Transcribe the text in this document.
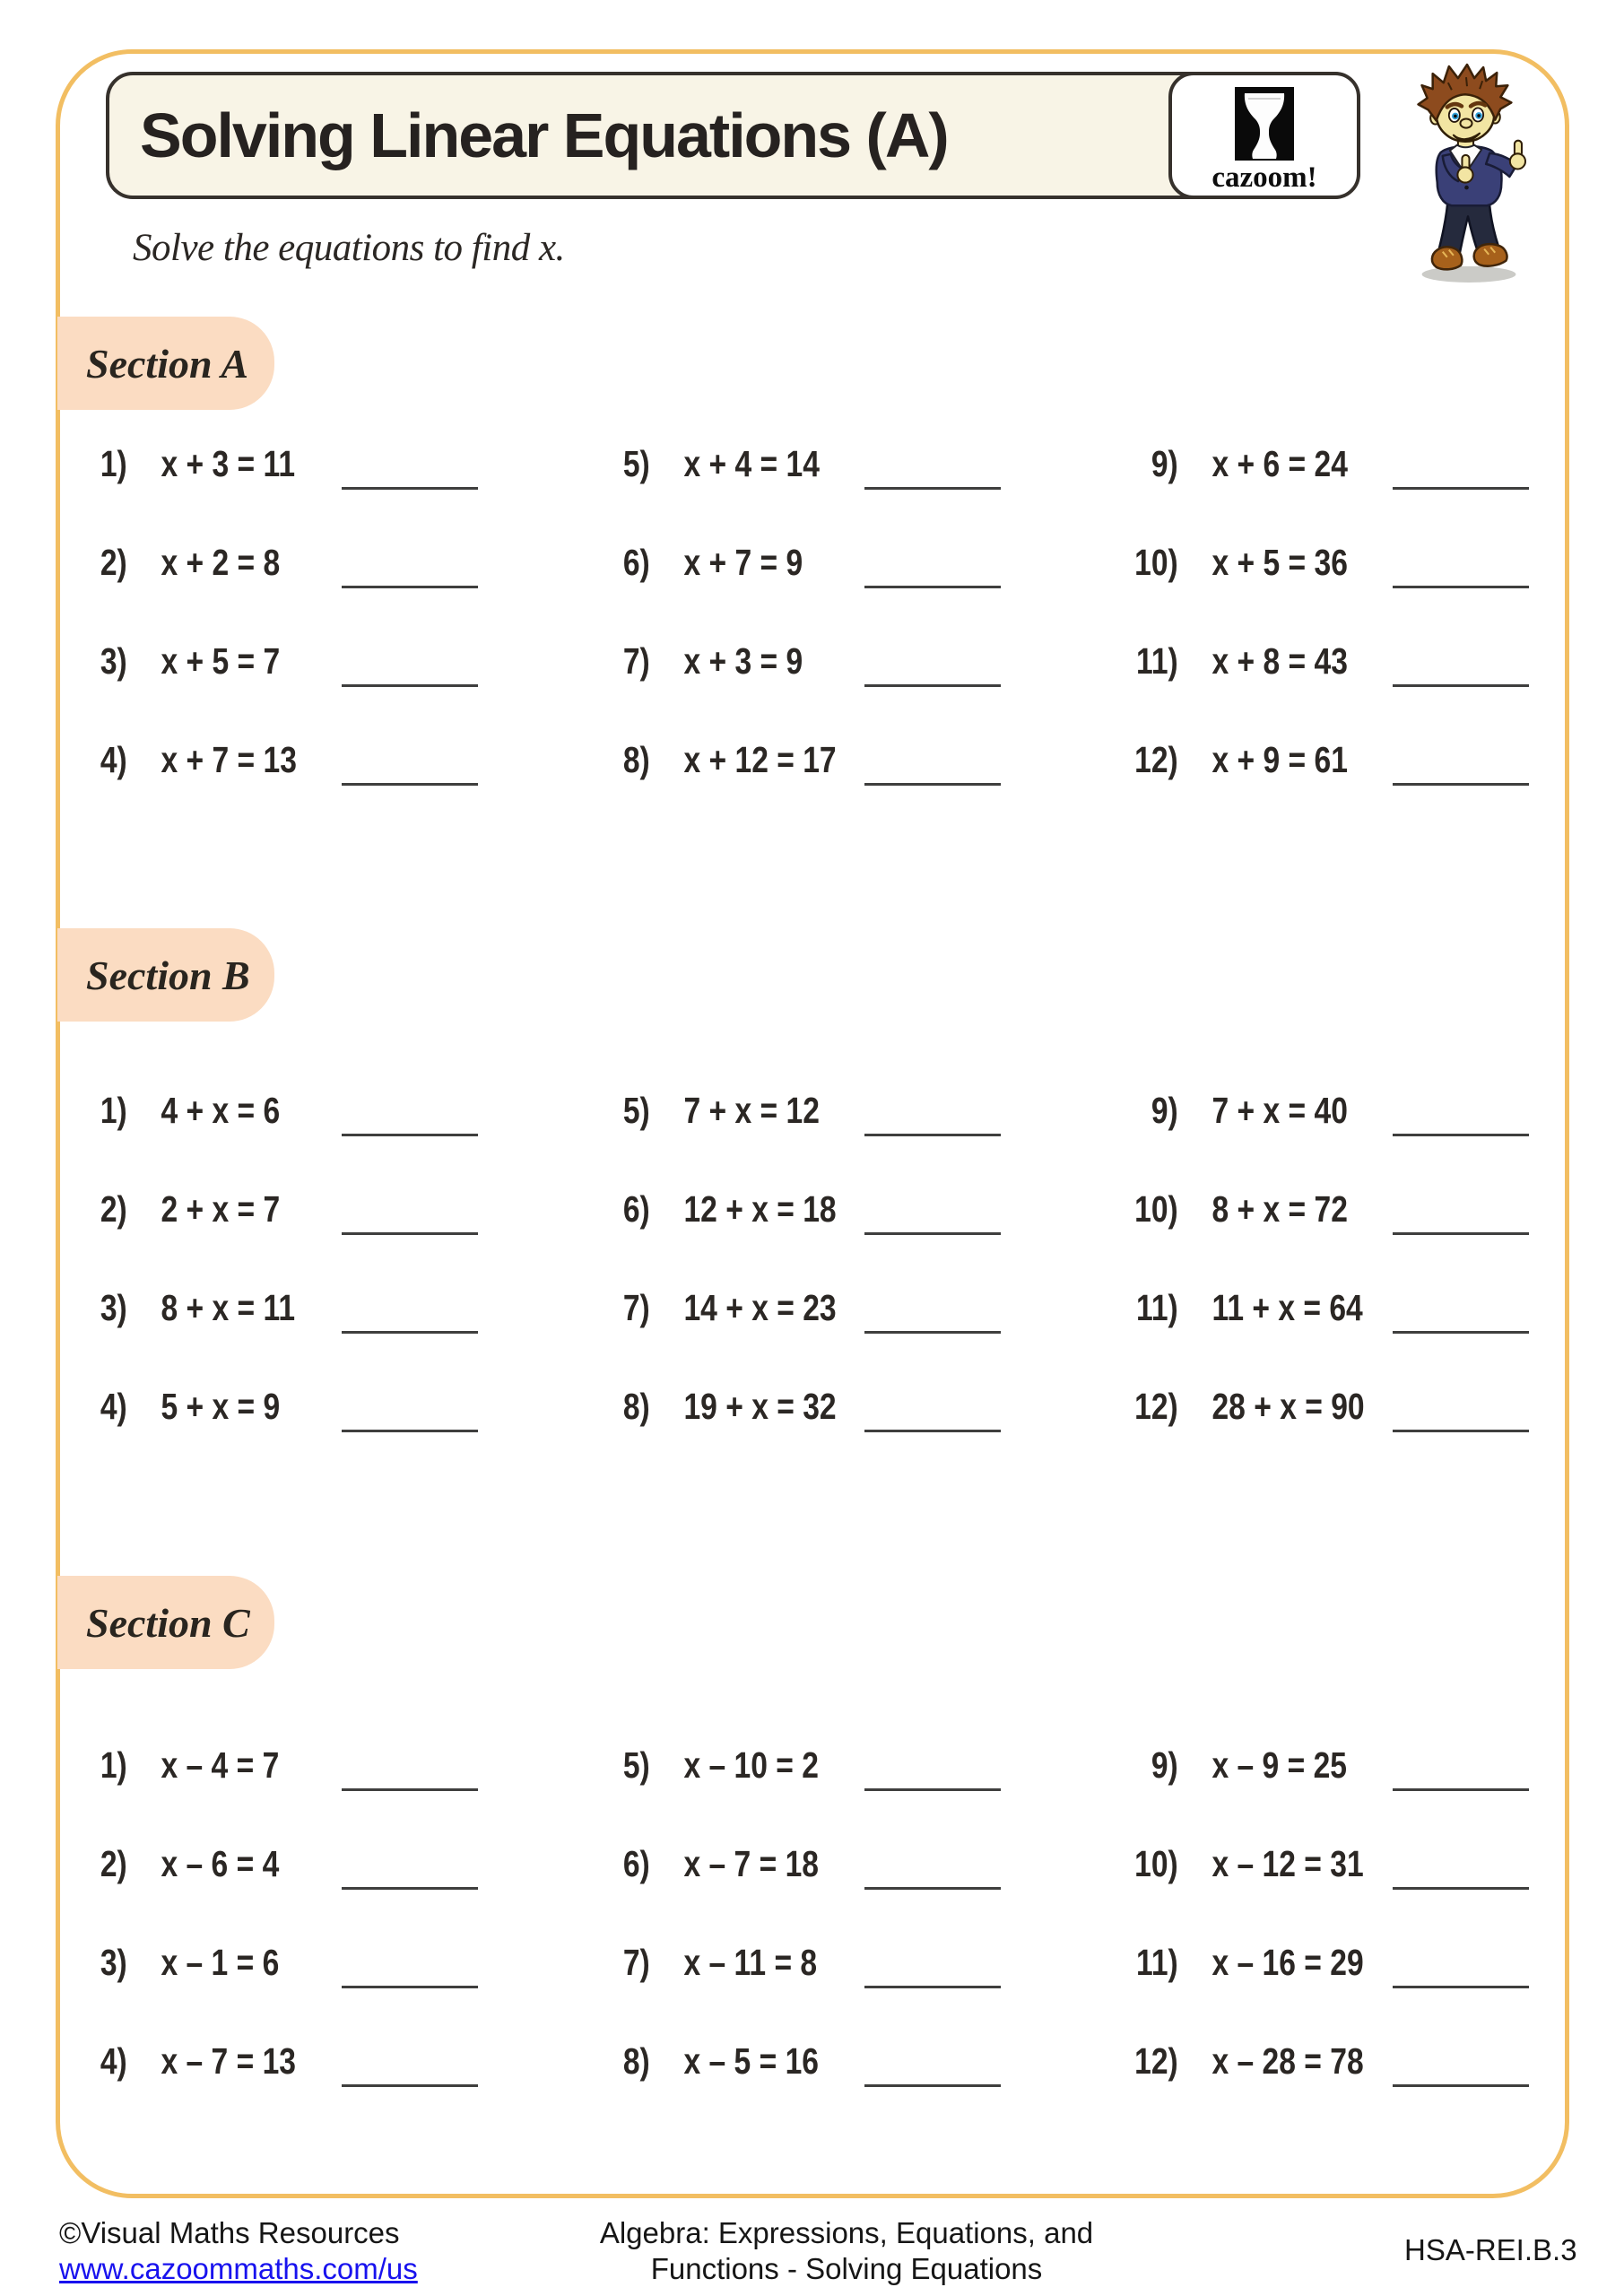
Solving Linear Equations (A)
cazoom!

Solve the equations to find x.

Section A
1) x + 3 = 11
2) x + 2 = 8
3) x + 5 = 7
4) x + 7 = 13
5) x + 4 = 14
6) x + 7 = 9
7) x + 3 = 9
8) x + 12 = 17
9) x + 6 = 24
10) x + 5 = 36
11) x + 8 = 43
12) x + 9 = 61
Section B
1) 4 + x = 6
2) 2 + x = 7
3) 8 + x = 11
4) 5 + x = 9
5) 7 + x = 12
6) 12 + x = 18
7) 14 + x = 23
8) 19 + x = 32
9) 7 + x = 40
10) 8 + x = 72
11) 11 + x = 64
12) 28 + x = 90
Section C
1) x – 4 = 7
2) x – 6 = 4
3) x – 1 = 6
4) x – 7 = 13
5) x – 10 = 2
6) x – 7 = 18
7) x – 11 = 8
8) x – 5 = 16
9) x – 9 = 25
10) x – 12 = 31
11) x – 16 = 29
12) x – 28 = 78
©Visual Maths Resources
www.cazoommaths.com/us
Algebra: Expressions, Equations, and
Functions - Solving Equations
HSA-REI.B.3
